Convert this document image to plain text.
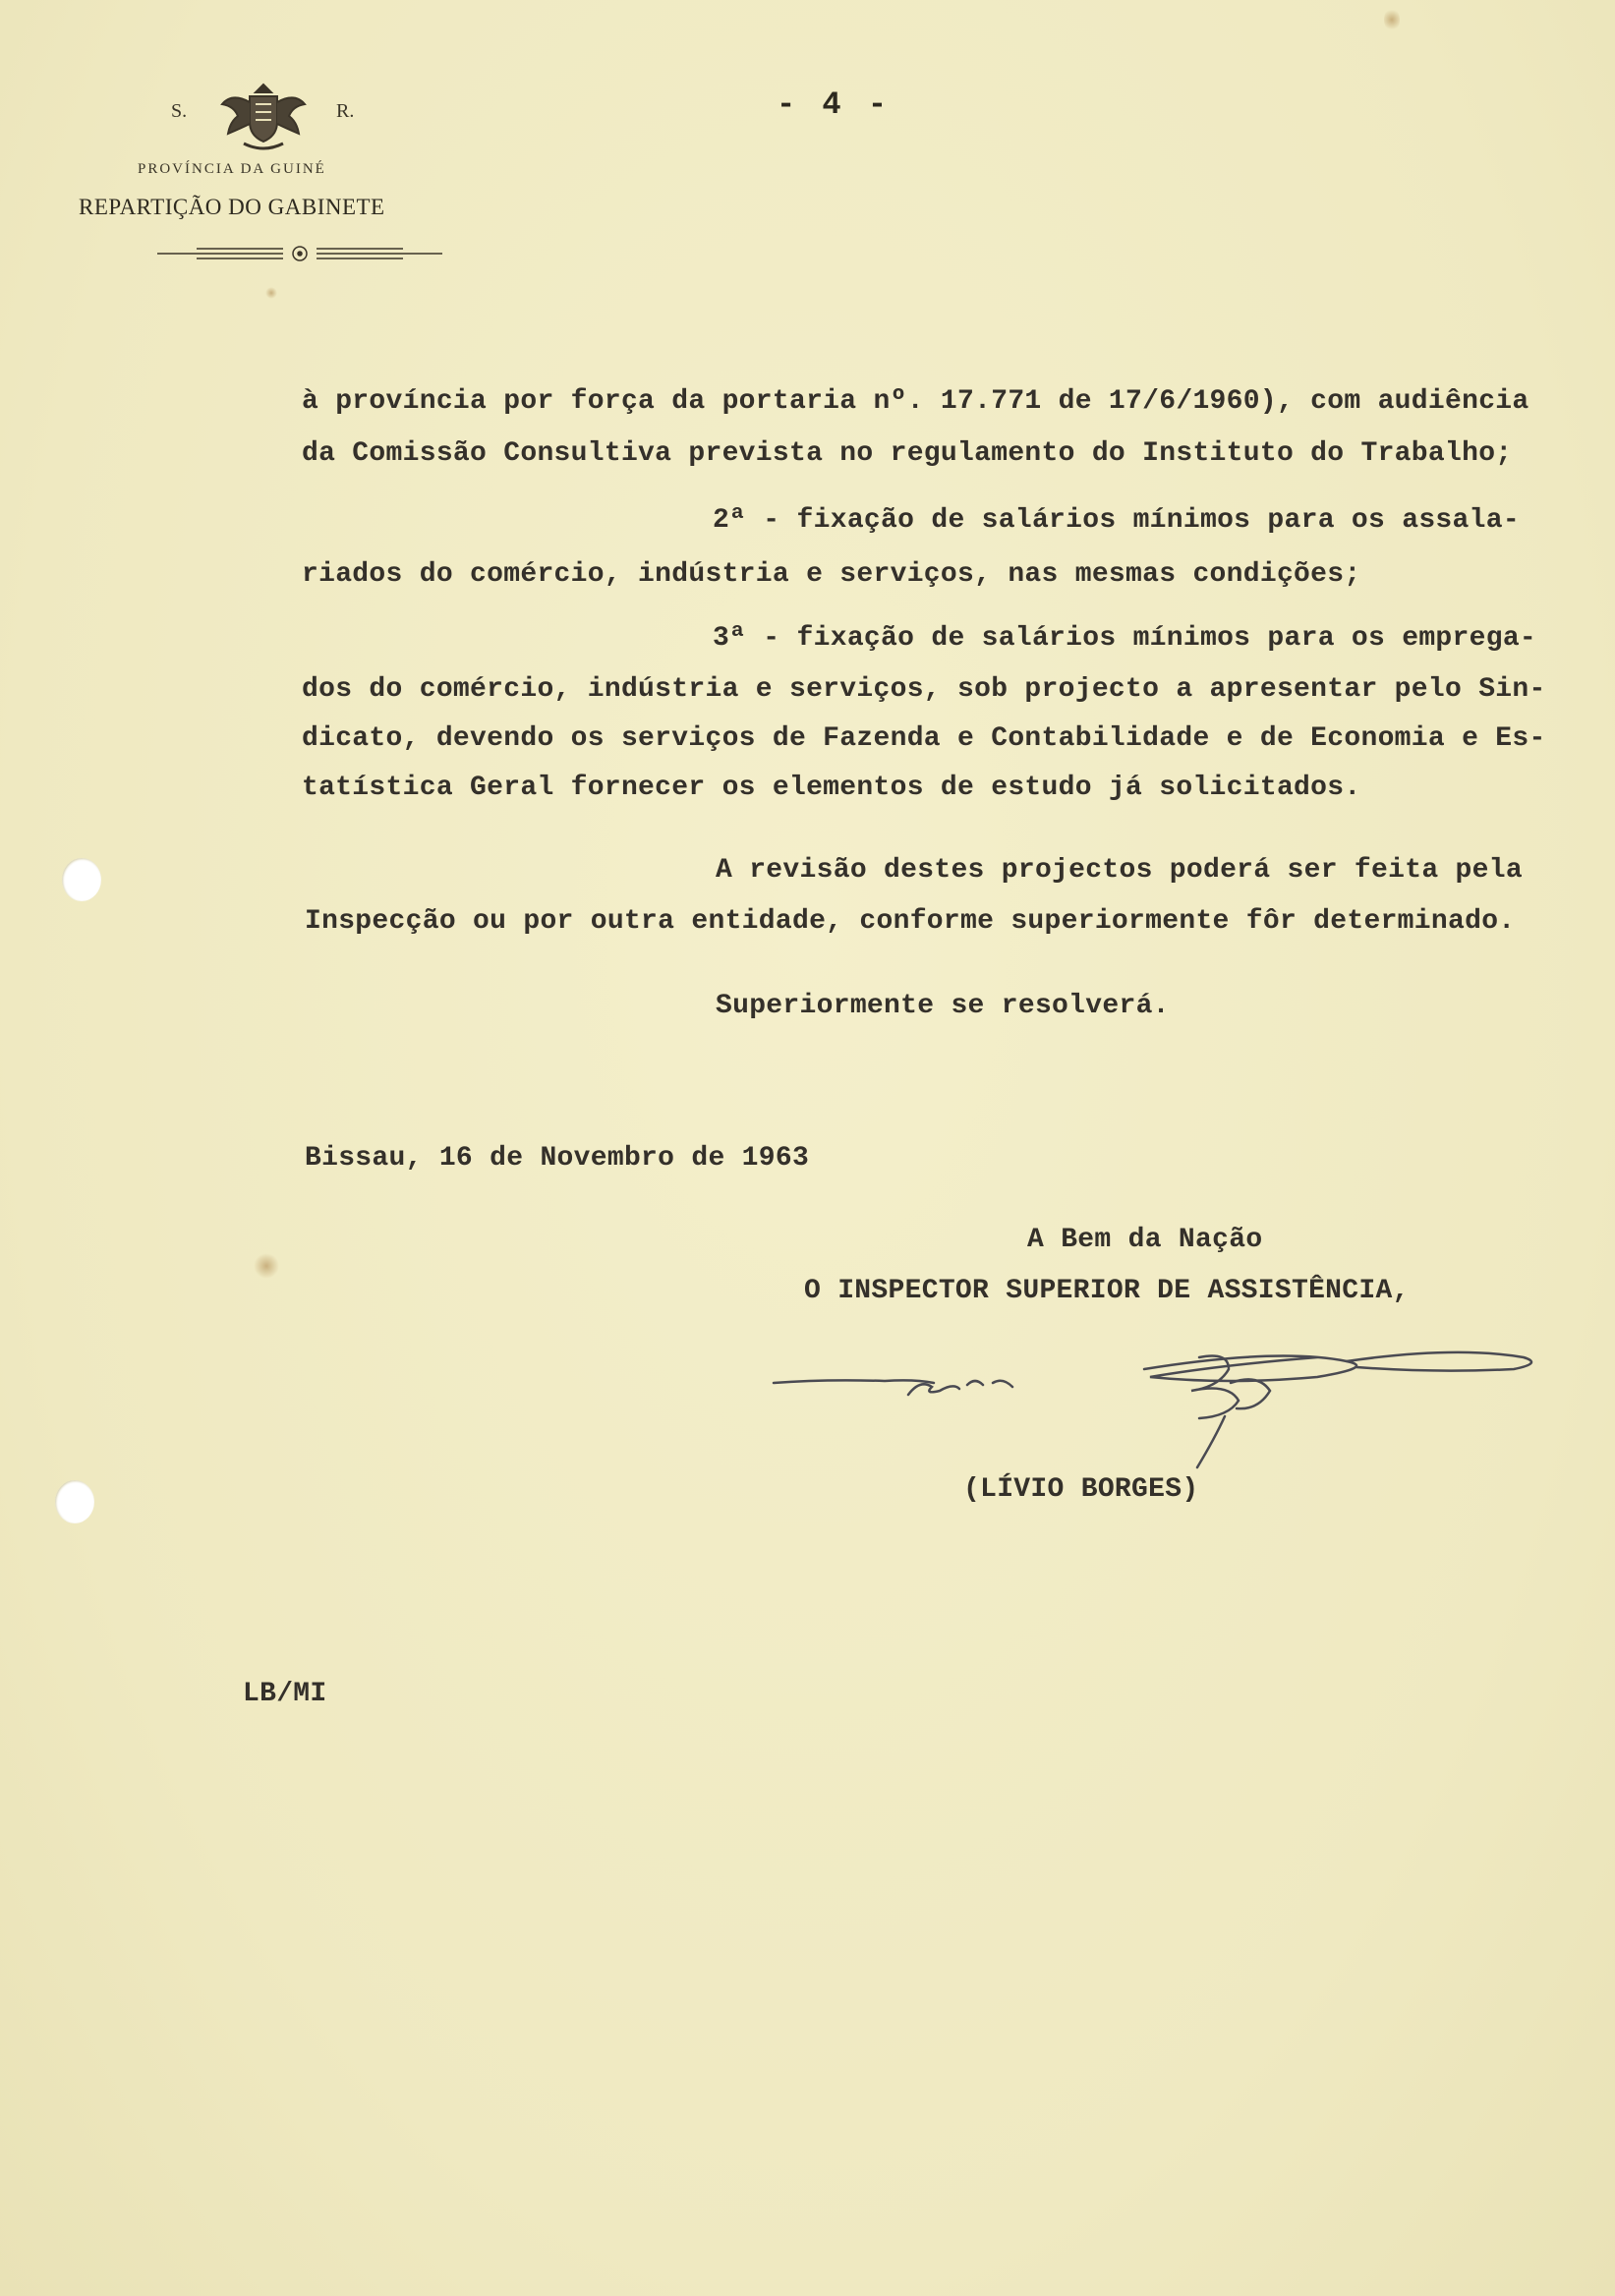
S.	R.
PROVÍNCIA DA GUINÉ
REPARTIÇÃO DO GABINETE
- 4 -
à província por força da portaria nº. 17.771 de 17/6/1960), com audiência
da Comissão Consultiva prevista no regulamento do Instituto do Trabalho;
2ª - fixação de salários mínimos para os assala-
riados do comércio, indústria e serviços, nas mesmas condições;
3ª - fixação de salários mínimos para os emprega-
dos do comércio, indústria e serviços, sob projecto a apresentar pelo Sin-
dicato, devendo os serviços de Fazenda e Contabilidade e de Economia e Es-
tatística Geral fornecer os elementos de estudo já solicitados.
A revisão destes projectos poderá ser feita pela
Inspecção ou por outra entidade, conforme superiormente fôr determinado.
Superiormente se resolverá.
Bissau, 16 de Novembro de 1963
A Bem da Nação
O INSPECTOR SUPERIOR DE ASSISTÊNCIA,
(LÍVIO BORGES)
LB/MI
